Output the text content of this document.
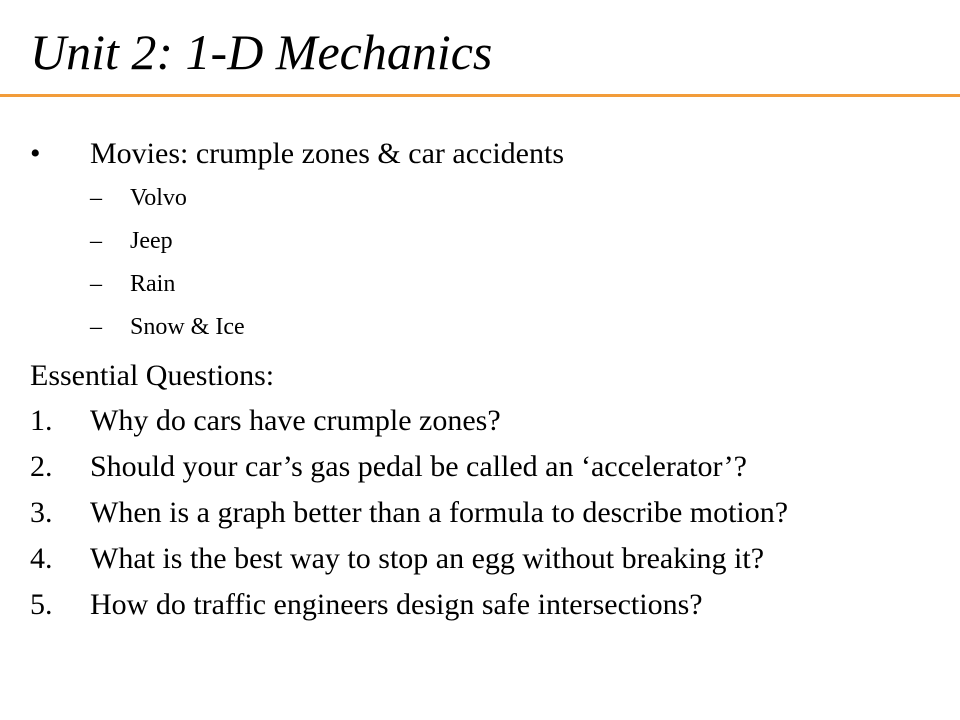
Unit 2: 1-D Mechanics
• Movies: crumple zones & car accidents
– Volvo
– Jeep
– Rain
– Snow & Ice
Essential Questions:
1. Why do cars have crumple zones?
2. Should your car’s gas pedal be called an ‘accelerator’?
3. When is a graph better than a formula to describe motion?
4. What is the best way to stop an egg without breaking it?
5. How do traffic engineers design safe intersections?
